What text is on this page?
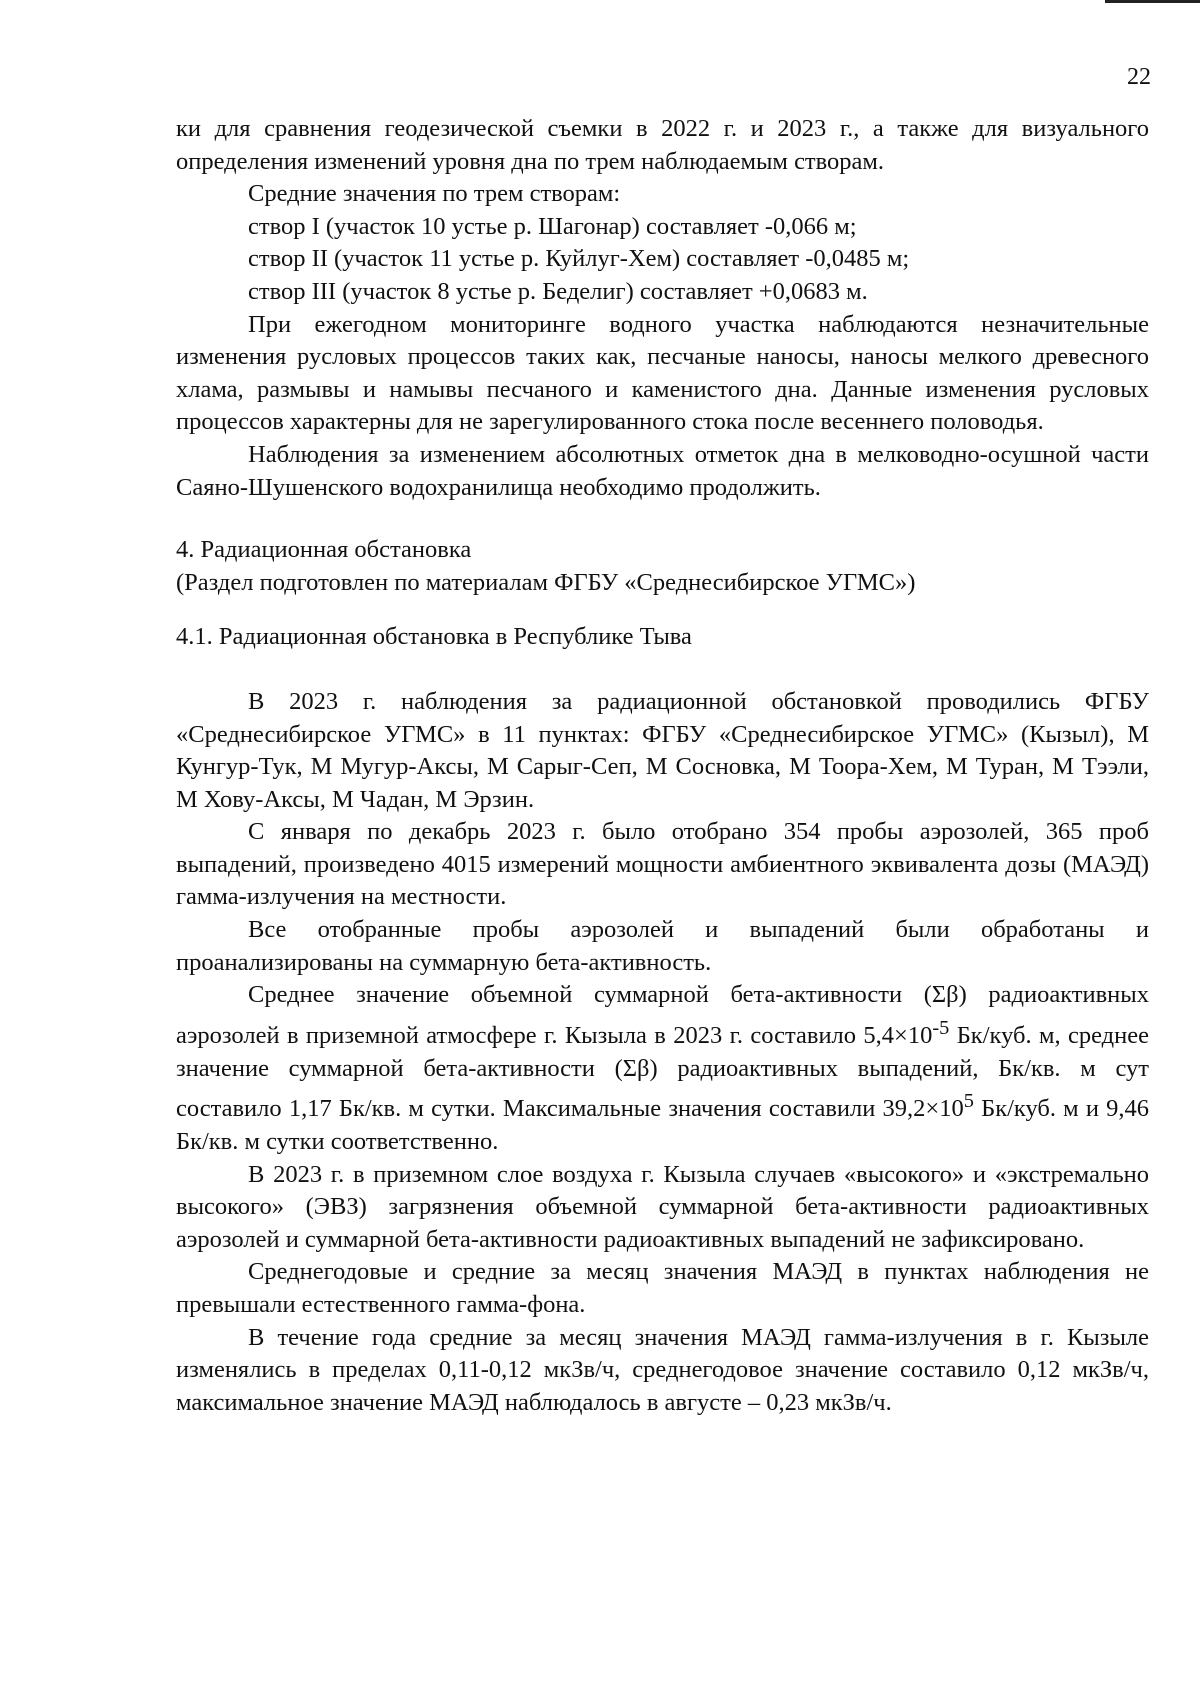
22

ки для сравнения геодезической съемки в 2022 г. и 2023 г., а также для визуального определения изменений уровня дна по трем наблюдаемым створам.

Средние значения по трем створам:

створ I (участок 10 устье р. Шагонар) составляет -0,066 м;

створ II (участок 11 устье р. Куйлуг-Хем) составляет -0,0485 м;

створ III (участок 8 устье р. Беделиг) составляет +0,0683 м.

При ежегодном мониторинге водного участка наблюдаются незначительные изменения русловых процессов таких как, песчаные наносы, наносы мелкого древесного хлама, размывы и намывы песчаного и каменистого дна. Данные изменения русловых процессов характерны для не зарегулированного стока после весеннего половодья.

Наблюдения за изменением абсолютных отметок дна в мелководно-осушной части Саяно-Шушенского водохранилища необходимо продолжить.

4. Радиационная обстановка

(Раздел подготовлен по материалам ФГБУ «Среднесибирское УГМС»)

4.1. Радиационная обстановка в Республике Тыва

В 2023 г. наблюдения за радиационной обстановкой проводились ФГБУ «Среднесибирское УГМС» в 11 пунктах: ФГБУ «Среднесибирское УГМС» (Кызыл), М Кунгур-Тук, М Мугур-Аксы, М Сарыг-Сеп, М Сосновка, М Тоора-Хем, М Туран, М Тээли, М Хову-Аксы, М Чадан, М Эрзин.

С января по декабрь 2023 г. было отобрано 354 пробы аэрозолей, 365 проб выпадений, произведено 4015 измерений мощности амбиентного эквивалента дозы (МАЭД) гамма-излучения на местности.

Все отобранные пробы аэрозолей и выпадений были обработаны и проанализированы на суммарную бета-активность.

Среднее значение объемной суммарной бета-активности (Σβ) радиоактивных аэрозолей в приземной атмосфере г. Кызыла в 2023 г. составило $5,4\times 10^{-5}$ Бк/куб. м, среднее значение суммарной бета-активности (Σβ) радиоактивных выпадений, Бк/кв. м сут составило 1,17 Бк/кв. м сутки. Максимальные значения составили $39,2\times 10^5$ Бк/куб. м и 9,46 Бк/кв. м сутки соответственно.

В 2023 г. в приземном слое воздуха г. Кызыла случаев «высокого» и «экстремально высокого» (ЭВЗ) загрязнения объемной суммарной бета-активности радиоактивных аэрозолей и суммарной бета-активности радиоактивных выпадений не зафиксировано.

Среднегодовые и средние за месяц значения МАЭД в пунктах наблюдения не превышали естественного гамма-фона.

В течение года средние за месяц значения МАЭД гамма-излучения в г. Кызыле изменялись в пределах 0,11-0,12 мкЗв/ч, среднегодовое значение составило 0,12 мкЗв/ч, максимальное значение МАЭД наблюдалось в августе – 0,23 мкЗв/ч.
